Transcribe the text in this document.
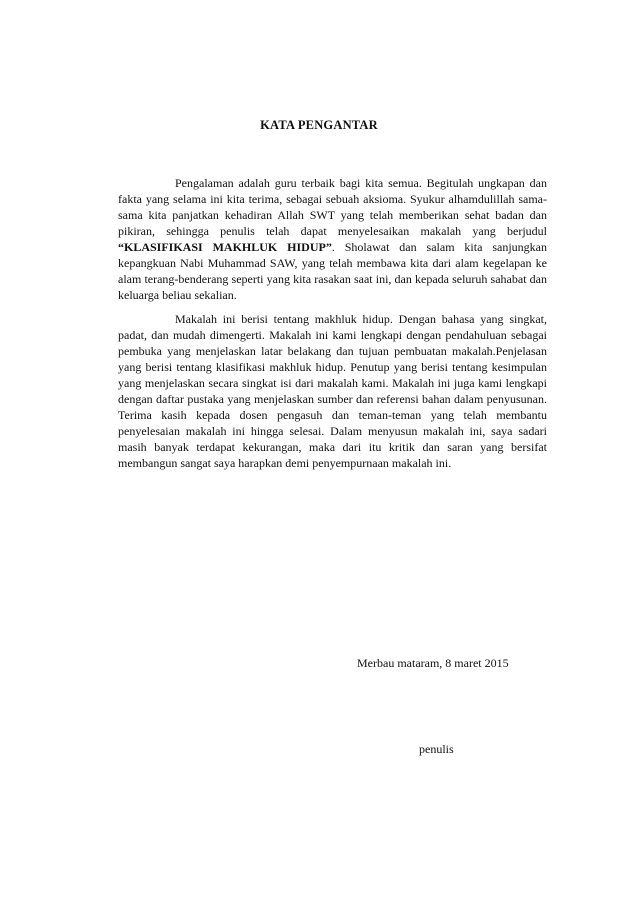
KATA PENGANTAR

Pengalaman adalah guru terbaik bagi kita semua. Begitulah ungkapan dan fakta yang selama ini kita terima, sebagai sebuah aksioma. Syukur alhamdulillah sama-sama kita panjatkan kehadiran Allah SWT yang telah memberikan sehat badan dan pikiran, sehingga penulis telah dapat menyelesaikan makalah yang berjudul “KLASIFIKASI MAKHLUK HIDUP”. Sholawat dan salam kita sanjungkan kepangkuan Nabi Muhammad SAW, yang telah membawa kita dari alam kegelapan ke alam terang-benderang seperti yang kita rasakan saat ini, dan kepada seluruh sahabat dan keluarga beliau sekalian.

Makalah ini berisi tentang makhluk hidup. Dengan bahasa yang singkat, padat, dan mudah dimengerti. Makalah ini kami lengkapi dengan pendahuluan sebagai pembuka yang menjelaskan latar belakang dan tujuan pembuatan makalah.Penjelasan yang berisi tentang klasifikasi makhluk hidup. Penutup yang berisi tentang kesimpulan yang menjelaskan secara singkat isi dari makalah kami. Makalah ini juga kami lengkapi dengan daftar pustaka yang menjelaskan sumber dan referensi bahan dalam penyusunan. Terima kasih kepada dosen pengasuh dan teman-teman yang telah membantu penyelesaian makalah ini hingga selesai. Dalam menyusun makalah ini, saya sadari masih banyak terdapat kekurangan, maka dari itu kritik dan saran yang bersifat membangun sangat saya harapkan demi penyempurnaan makalah ini.

Merbau mataram, 8 maret 2015
penulis
